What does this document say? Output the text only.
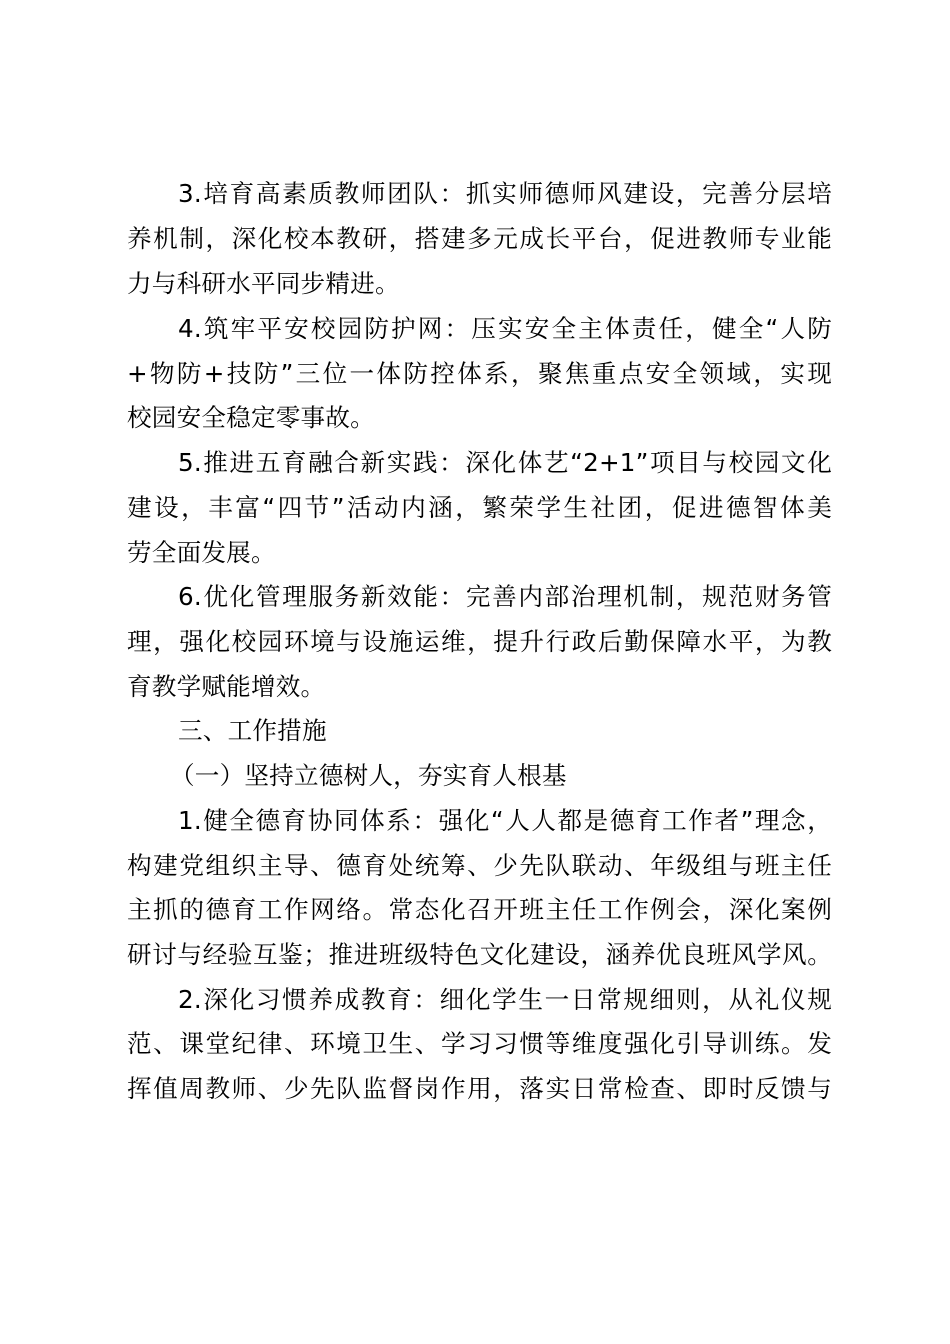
3.培育高素质教师团队：抓实师德师风建设，完善分层培
养机制，深化校本教研，搭建多元成长平台，促进教师专业能
力与科研水平同步精进。
4.筑牢平安校园防护网：压实安全主体责任，健全“人防
+物防+技防”三位一体防控体系，聚焦重点安全领域，实现
校园安全稳定零事故。
5.推进五育融合新实践：深化体艺“2+1”项目与校园文化
建设，丰富“四节”活动内涵，繁荣学生社团，促进德智体美
劳全面发展。
6.优化管理服务新效能：完善内部治理机制，规范财务管
理，强化校园环境与设施运维，提升行政后勤保障水平，为教
育教学赋能增效。
三、工作措施
（一）坚持立德树人，夯实育人根基
1.健全德育协同体系：强化“人人都是德育工作者”理念，
构建党组织主导、德育处统筹、少先队联动、年级组与班主任
主抓的德育工作网络。常态化召开班主任工作例会，深化案例
研讨与经验互鉴；推进班级特色文化建设，涵养优良班风学风。
2.深化习惯养成教育：细化学生一日常规细则，从礼仪规
范、课堂纪律、环境卫生、学习习惯等维度强化引导训练。发
挥值周教师、少先队监督岗作用，落实日常检查、即时反馈与
